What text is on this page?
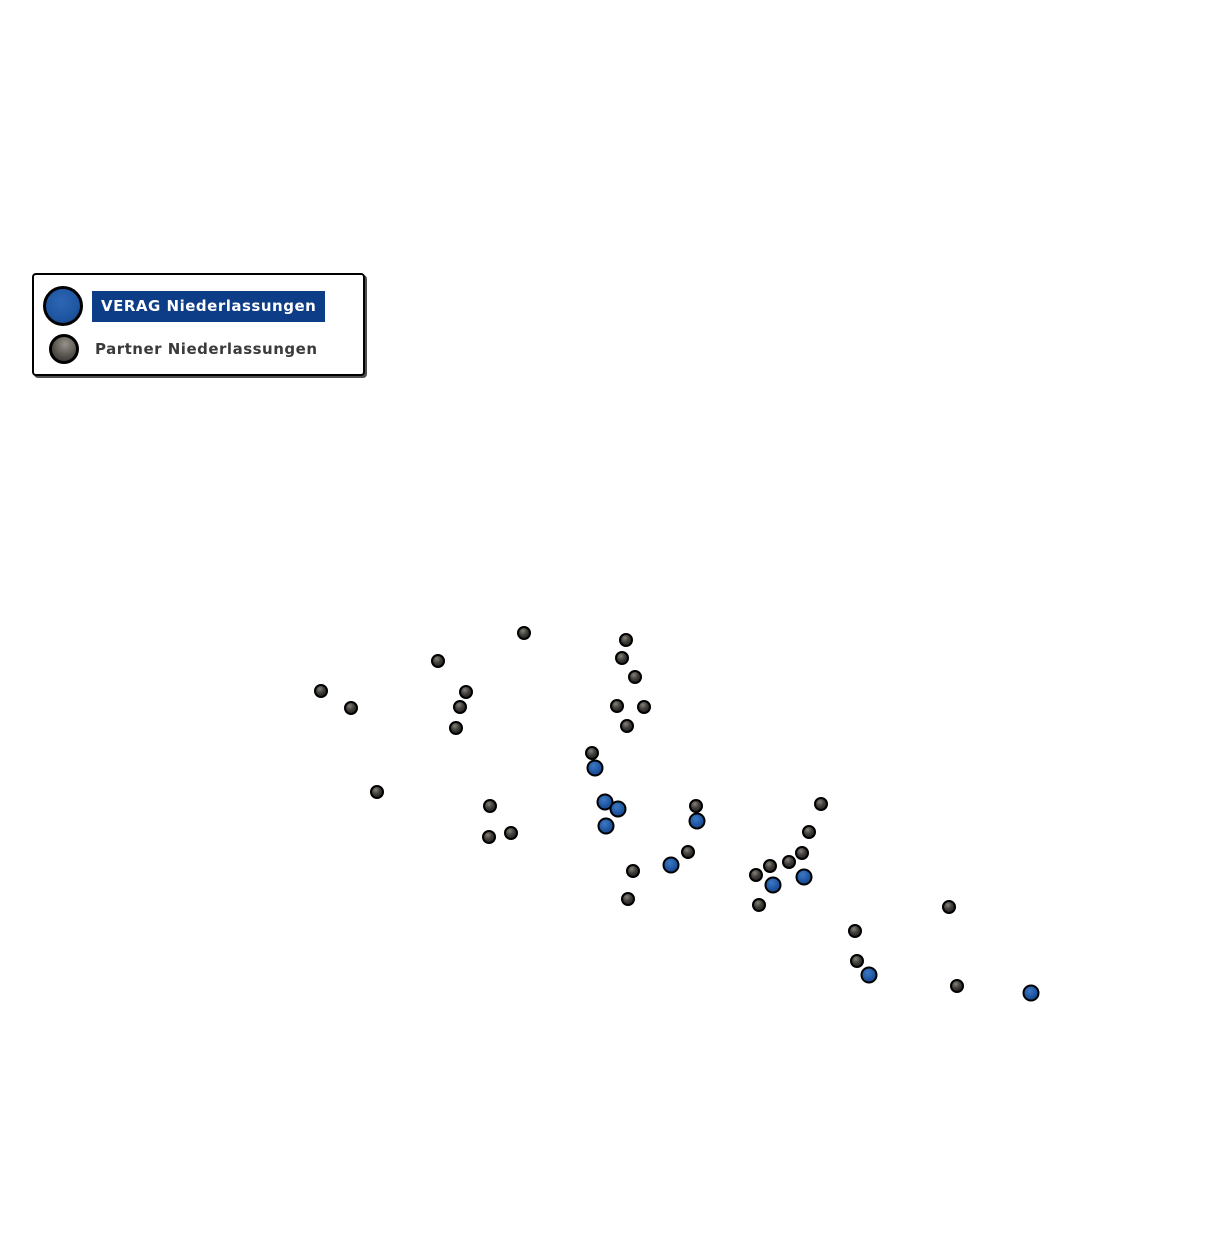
VERAG Niederlassungen
Partner Niederlassungen
